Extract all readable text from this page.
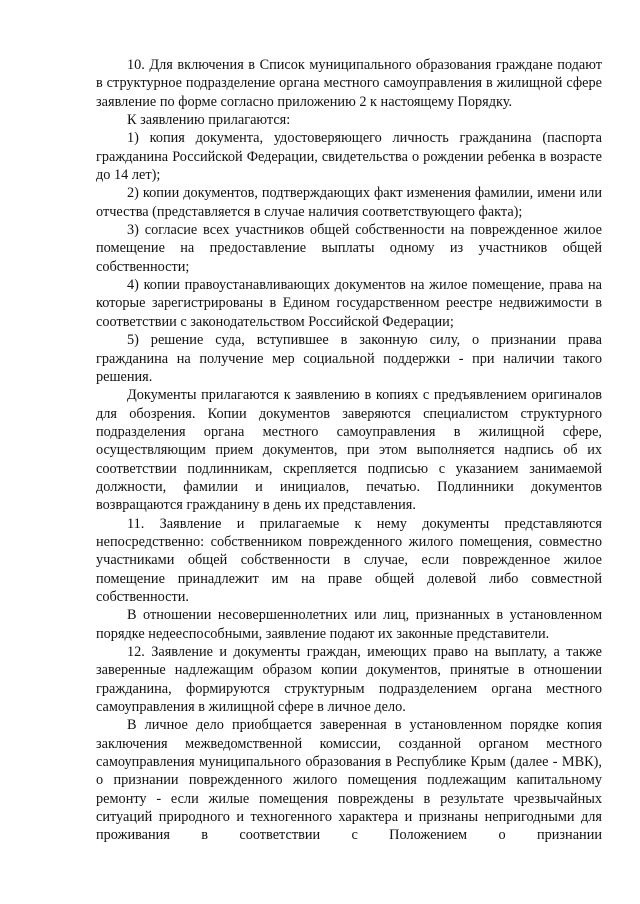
10. Для включения в Список муниципального образования граждане подают в структурное подразделение органа местного самоуправления в жилищной сфере заявление по форме согласно приложению 2 к настоящему Порядку.

К заявлению прилагаются:

1) копия документа, удостоверяющего личность гражданина (паспорта гражданина Российской Федерации, свидетельства о рождении ребенка в возрасте до 14 лет);

2) копии документов, подтверждающих факт изменения фамилии, имени или отчества (представляется в случае наличия соответствующего факта);

3) согласие всех участников общей собственности на поврежденное жилое помещение на предоставление выплаты одному из участников общей собственности;

4) копии правоустанавливающих документов на жилое помещение, права на которые зарегистрированы в Едином государственном реестре недвижимости в соответствии с законодательством Российской Федерации;

5) решение суда, вступившее в законную силу, о признании права гражданина на получение мер социальной поддержки - при наличии такого решения.

Документы прилагаются к заявлению в копиях с предъявлением оригиналов для обозрения. Копии документов заверяются специалистом структурного подразделения органа местного самоуправления в жилищной сфере, осуществляющим прием документов, при этом выполняется надпись об их соответствии подлинникам, скрепляется подписью с указанием занимаемой должности, фамилии и инициалов, печатью. Подлинники документов возвращаются гражданину в день их представления.

11. Заявление и прилагаемые к нему документы представляются непосредственно: собственником поврежденного жилого помещения, совместно участниками общей собственности в случае, если поврежденное жилое помещение принадлежит им на праве общей долевой либо совместной собственности.

В отношении несовершеннолетних или лиц, признанных в установленном порядке недееспособными, заявление подают их законные представители.

12. Заявление и документы граждан, имеющих право на выплату, а также заверенные надлежащим образом копии документов, принятые в отношении гражданина, формируются структурным подразделением органа местного самоуправления в жилищной сфере в личное дело.

В личное дело приобщается заверенная в установленном порядке копия заключения межведомственной комиссии, созданной органом местного самоуправления муниципального образования в Республике Крым (далее - МВК), о признании поврежденного жилого помещения подлежащим капитальному ремонту - если жилые помещения повреждены в результате чрезвычайных ситуаций природного и техногенного характера и признаны непригодными для проживания в соответствии с Положением о признании
